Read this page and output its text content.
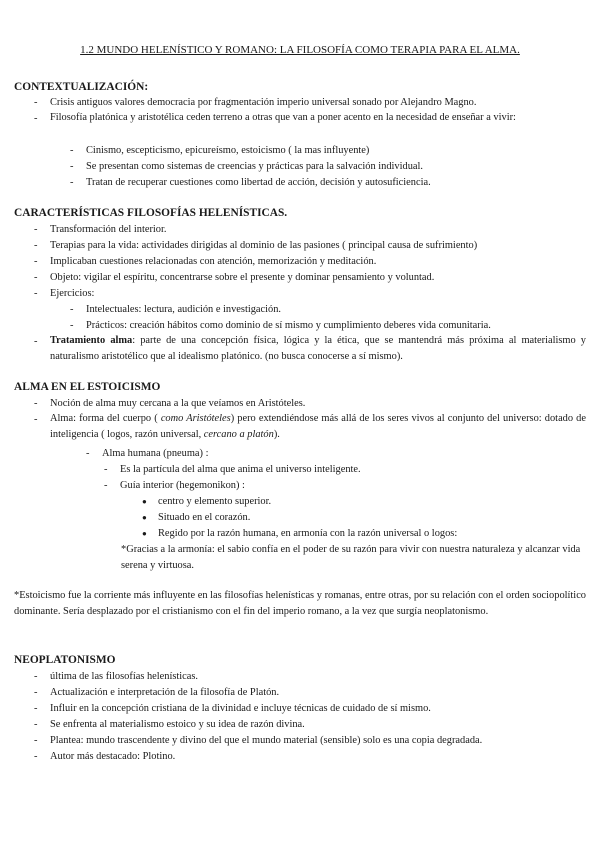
1.2 MUNDO HELENÍSTICO Y ROMANO: LA FILOSOFÍA COMO TERAPIA PARA EL ALMA.
CONTEXTUALIZACIÓN:
- Crisis antiguos valores democracia por fragmentación imperio universal sonado por Alejandro Magno.
- Filosofía platónica y aristotélica ceden terreno a otras que van a poner acento en la necesidad de enseñar a vivir:
- Cinismo, escepticismo, epicureísmo, estoicismo ( la mas influyente)
- Se presentan como sistemas de creencias y prácticas para la salvación individual.
- Tratan de recuperar cuestiones como libertad de acción, decisión y autosuficiencia.
CARACTERÍSTICAS FILOSOFÍAS HELENÍSTICAS.
- Transformación del interior.
- Terapias para la vida: actividades dirigidas al dominio de las pasiones ( principal causa de sufrimiento)
- Implicaban cuestiones relacionadas con atención, memorización y meditación.
- Objeto: vigilar el espíritu, concentrarse sobre el presente y dominar pensamiento y voluntad.
- Ejercicios:
- Intelectuales: lectura, audición e investigación.
- Prácticos: creación hábitos como dominio de sí mismo y cumplimiento deberes vida comunitaria.
- Tratamiento alma: parte de una concepción física, lógica y la ética, que se mantendrá más próxima al materialismo y naturalismo aristotélico que al idealismo platónico. (no busca conocerse a sí mismo).
ALMA EN EL ESTOICISMO
- Noción de alma muy cercana a la que veíamos en Aristóteles.
- Alma: forma del cuerpo ( como Aristóteles) pero extendiéndose más allá de los seres vivos al conjunto del universo: dotado de inteligencia ( logos, razón universal, cercano a platón).
- Alma humana (pneuma) :
- Es la partícula del alma que anima el universo inteligente.
- Guía interior (hegemonikon) :
● centro y elemento superior.
● Situado en el corazón.
● Regido por la razón humana, en armonía con la razón universal o logos:
*Gracias a la armonía: el sabio confía en el poder de su razón para vivir con nuestra naturaleza y alcanzar vida serena y virtuosa.
*Estoicismo fue la corriente más influyente en las filosofías helenísticas y romanas, entre otras, por su relación con el orden sociopolítico dominante. Sería desplazado por el cristianismo con el fin del imperio romano, a la vez que surgía neoplatonismo.
NEOPLATONISMO
- última de las filosofías helenísticas.
- Actualización e interpretación de la filosofía de Platón.
- Influir en la concepción cristiana de la divinidad e incluye técnicas de cuidado de sí mismo.
- Se enfrenta al materialismo estoico y su idea de razón divina.
- Plantea: mundo trascendente y divino del que el mundo material (sensible) solo es una copia degradada.
- Autor más destacado: Plotino.
